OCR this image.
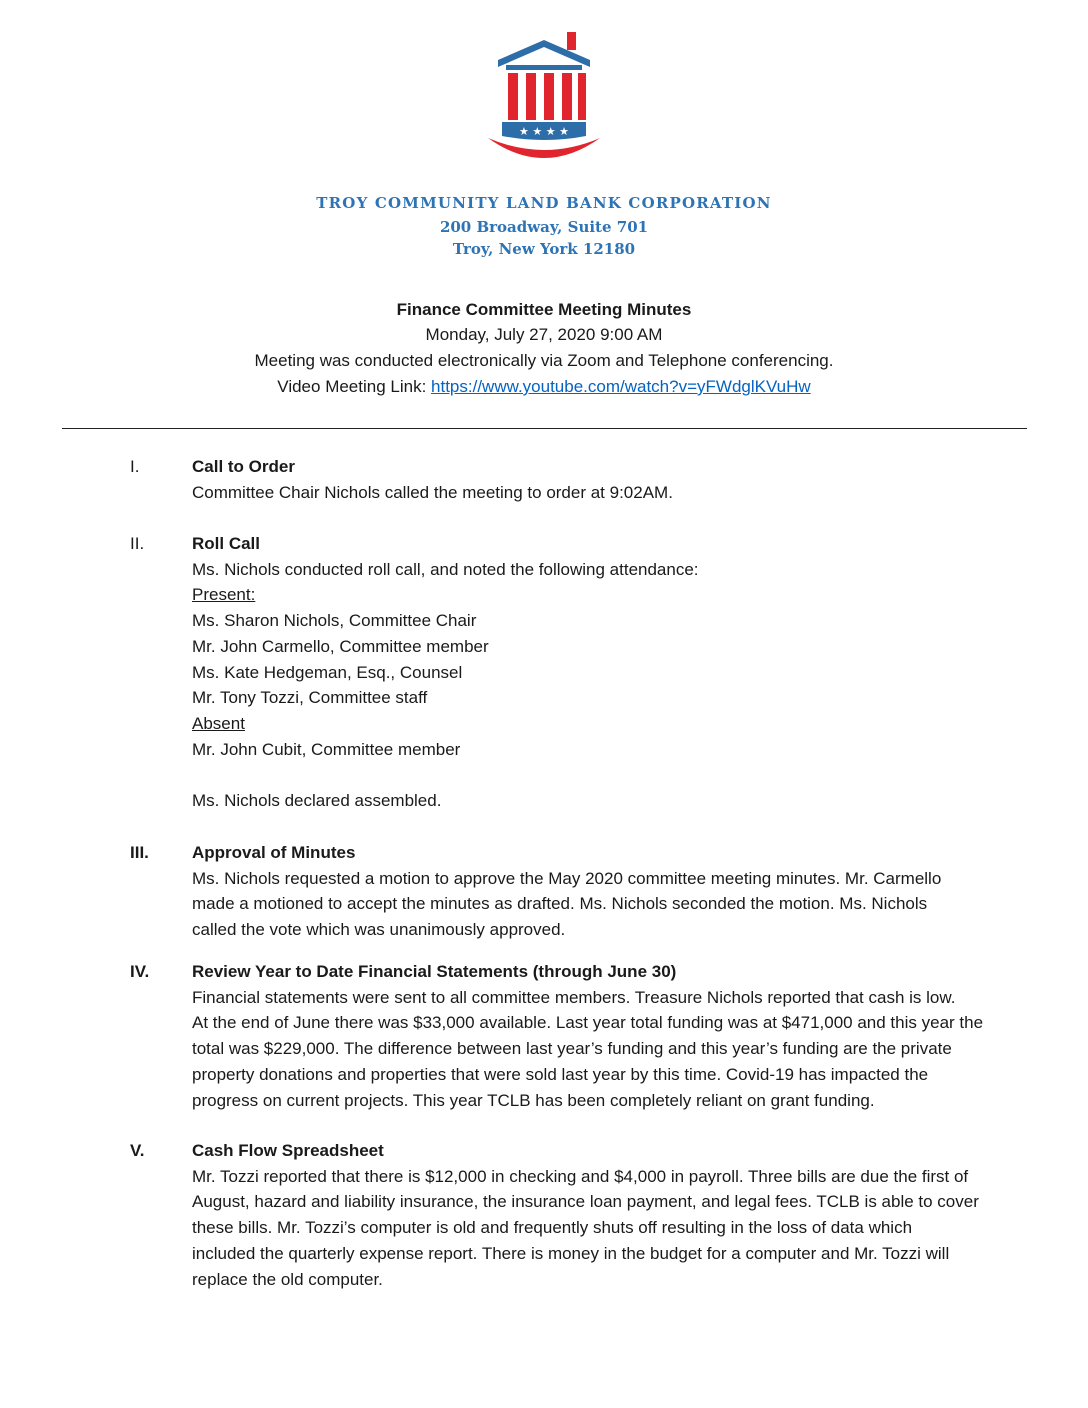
★ ★ ★ ★
TROY COMMUNITY LAND BANK CORPORATION
200 Broadway, Suite 701
Troy, New York 12180
Finance Committee Meeting Minutes
Monday, July 27, 2020 9:00 AM
Meeting was conducted electronically via Zoom and Telephone conferencing.
Video Meeting Link: https://www.youtube.com/watch?v=yFWdglKVuHw
I.	Call to Order

Committee Chair Nichols called the meeting to order at 9:02AM.

II.	Roll Call

Ms. Nichols conducted roll call, and noted the following attendance:

Present:

Ms. Sharon Nichols, Committee Chair

Mr. John Carmello, Committee member

Ms. Kate Hedgeman, Esq., Counsel

Mr. Tony Tozzi, Committee staff

Absent

Mr. John Cubit, Committee member

Ms. Nichols declared assembled.

III.	Approval of Minutes

Ms. Nichols requested a motion to approve the May 2020 committee meeting minutes. Mr. Carmello

made a motioned to accept the minutes as drafted. Ms. Nichols seconded the motion. Ms. Nichols

called the vote which was unanimously approved.

IV.	Review Year to Date Financial Statements (through June 30)

Financial statements were sent to all committee members. Treasure Nichols reported that cash is low.

At the end of June there was $33,000 available. Last year total funding was at $471,000 and this year the

total was $229,000. The difference between last year’s funding and this year’s funding are the private

property donations and properties that were sold last year by this time. Covid-19 has impacted the

progress on current projects. This year TCLB has been completely reliant on grant funding.

V.	Cash Flow Spreadsheet

Mr. Tozzi reported that there is $12,000 in checking and $4,000 in payroll. Three bills are due the first of

August, hazard and liability insurance, the insurance loan payment, and legal fees. TCLB is able to cover

these bills. Mr. Tozzi’s computer is old and frequently shuts off resulting in the loss of data which

included the quarterly expense report. There is money in the budget for a computer and Mr. Tozzi will

replace the old computer.
